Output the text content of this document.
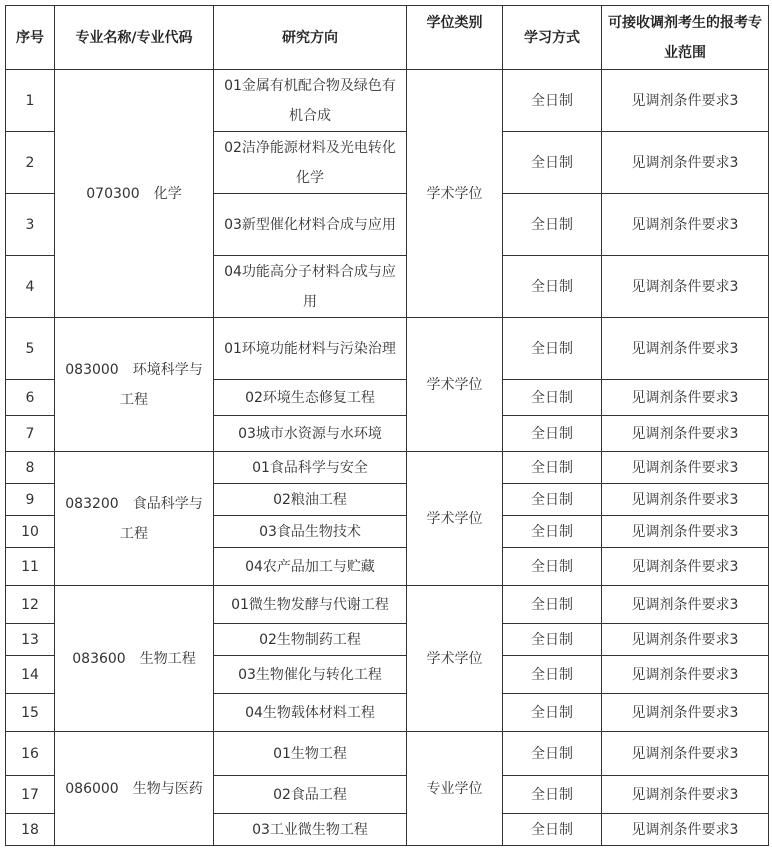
序号	专业名称/专业代码	研究方向	学位类别	学习方式	可接收调剂考生的报考专业范围
1	070300　化学	01金属有机配合物及绿色有机合成	学术学位	全日制	见调剂条件要求3
2		02洁净能源材料及光电转化化学		全日制	见调剂条件要求3
3		03新型催化材料合成与应用		全日制	见调剂条件要求3
4		04功能高分子材料合成与应用		全日制	见调剂条件要求3
5	083000　环境科学与工程	01环境功能材料与污染治理	学术学位	全日制	见调剂条件要求3
6		02环境生态修复工程		全日制	见调剂条件要求3
7		03城市水资源与水环境		全日制	见调剂条件要求3
8	083200　食品科学与工程	01食品科学与安全	学术学位	全日制	见调剂条件要求3
9		02粮油工程		全日制	见调剂条件要求3
10		03食品生物技术		全日制	见调剂条件要求3
11		04农产品加工与贮藏		全日制	见调剂条件要求3
12	083600　生物工程	01微生物发酵与代谢工程	学术学位	全日制	见调剂条件要求3
13		02生物制药工程		全日制	见调剂条件要求3
14		03生物催化与转化工程		全日制	见调剂条件要求3
15		04生物载体材料工程		全日制	见调剂条件要求3
16	086000　生物与医药	01生物工程	专业学位	全日制	见调剂条件要求3
17		02食品工程		全日制	见调剂条件要求3
18		03工业微生物工程		全日制	见调剂条件要求3
